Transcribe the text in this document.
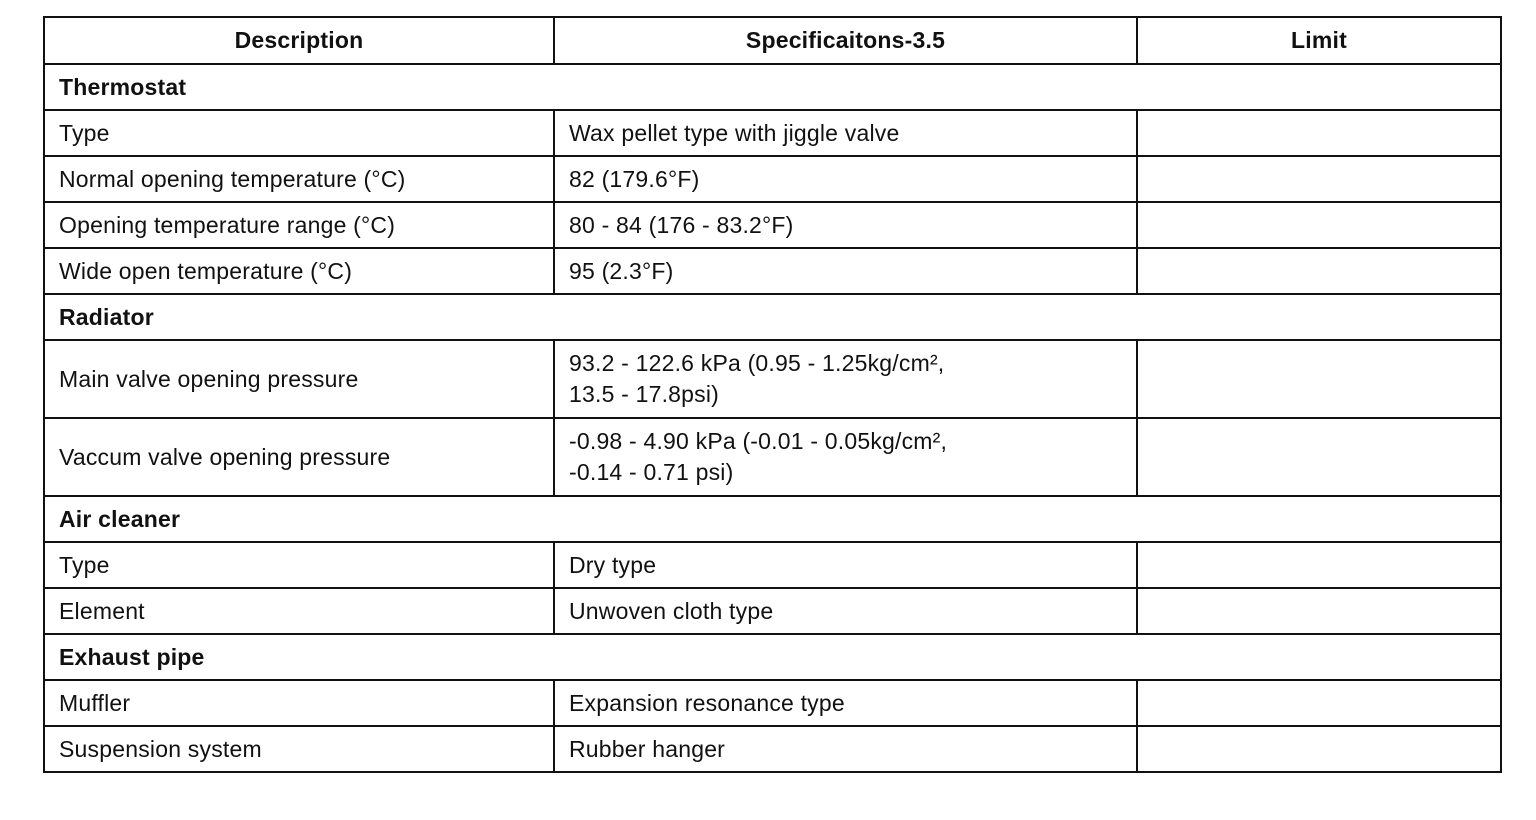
Description	Specificaitons-3.5	Limit
Thermostat		
Type	Wax pellet type with jiggle valve	

Normal opening temperature (°C)	82 (179.6°F)	

Opening temperature range (°C)	80 - 84 (176 - 83.2°F)	

Wide open temperature (°C)	95 (2.3°F)	

Radiator		
Main valve opening pressure	93.2 - 122.6 kPa (0.95 - 1.25kg/cm²,
13.5 - 17.8psi)	

Vaccum valve opening pressure	-0.98 - 4.90 kPa (-0.01 - 0.05kg/cm²,
-0.14 - 0.71 psi)	

Air cleaner		
Type	Dry type	

Element	Unwoven cloth type	

Exhaust pipe		
Muffler	Expansion resonance type	

Suspension system	Rubber hanger	
